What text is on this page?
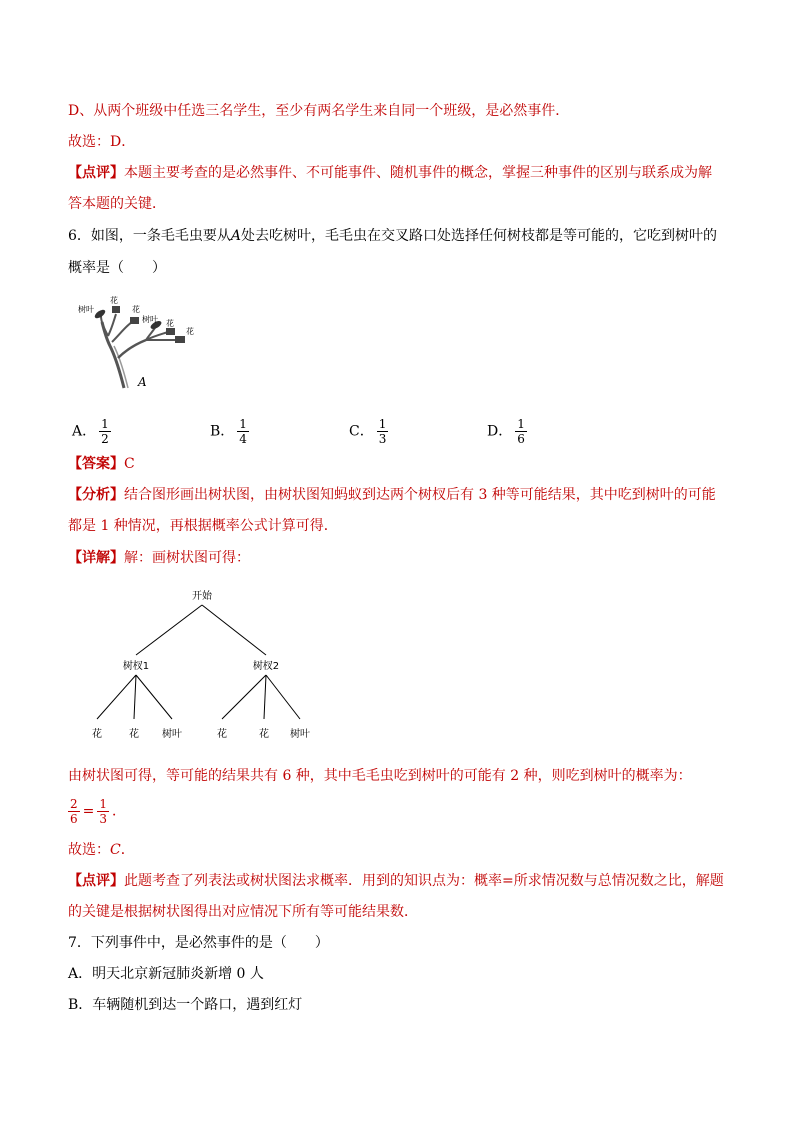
D、从两个班级中任选三名学生，至少有两名学生来自同一个班级，是必然事件．
故选：D．
【点评】本题主要考查的是必然事件、不可能事件、随机事件的概念，掌握三种事件的区别与联系成为解
答本题的关键．
6．如图，一条毛毛虫要从A处去吃树叶，毛毛虫在交叉路口处选择任何树枝都是等可能的，它吃到树叶的
概率是（　　）
树叶
花
花
树叶 花
花
A
A． $\frac{1}{2}$	B． $\frac{1}{4}$	C． $\frac{1}{3}$	D． $\frac{1}{6}$
【答案】C
【分析】结合图形画出树状图，由树状图知蚂蚁到达两个树杈后有 3 种等可能结果，其中吃到树叶的可能
都是 1 种情况，再根据概率公式计算可得．
【详解】解：画树状图可得：
开始
树杈1	树杈2
花	花 树叶	花	花 树叶
由树状图可得，等可能的结果共有 6 种，其中毛毛虫吃到树叶的可能有 2 种，则吃到树叶的概率为：
$\frac{2}{6} = \frac{1}{3}$ ．
故选：C．
【点评】此题考查了列表法或树状图法求概率．用到的知识点为：概率=所求情况数与总情况数之比，解题
的关键是根据树状图得出对应情况下所有等可能结果数．
7．下列事件中，是必然事件的是（　　）
A．明天北京新冠肺炎新增 0 人
B．车辆随机到达一个路口，遇到红灯
